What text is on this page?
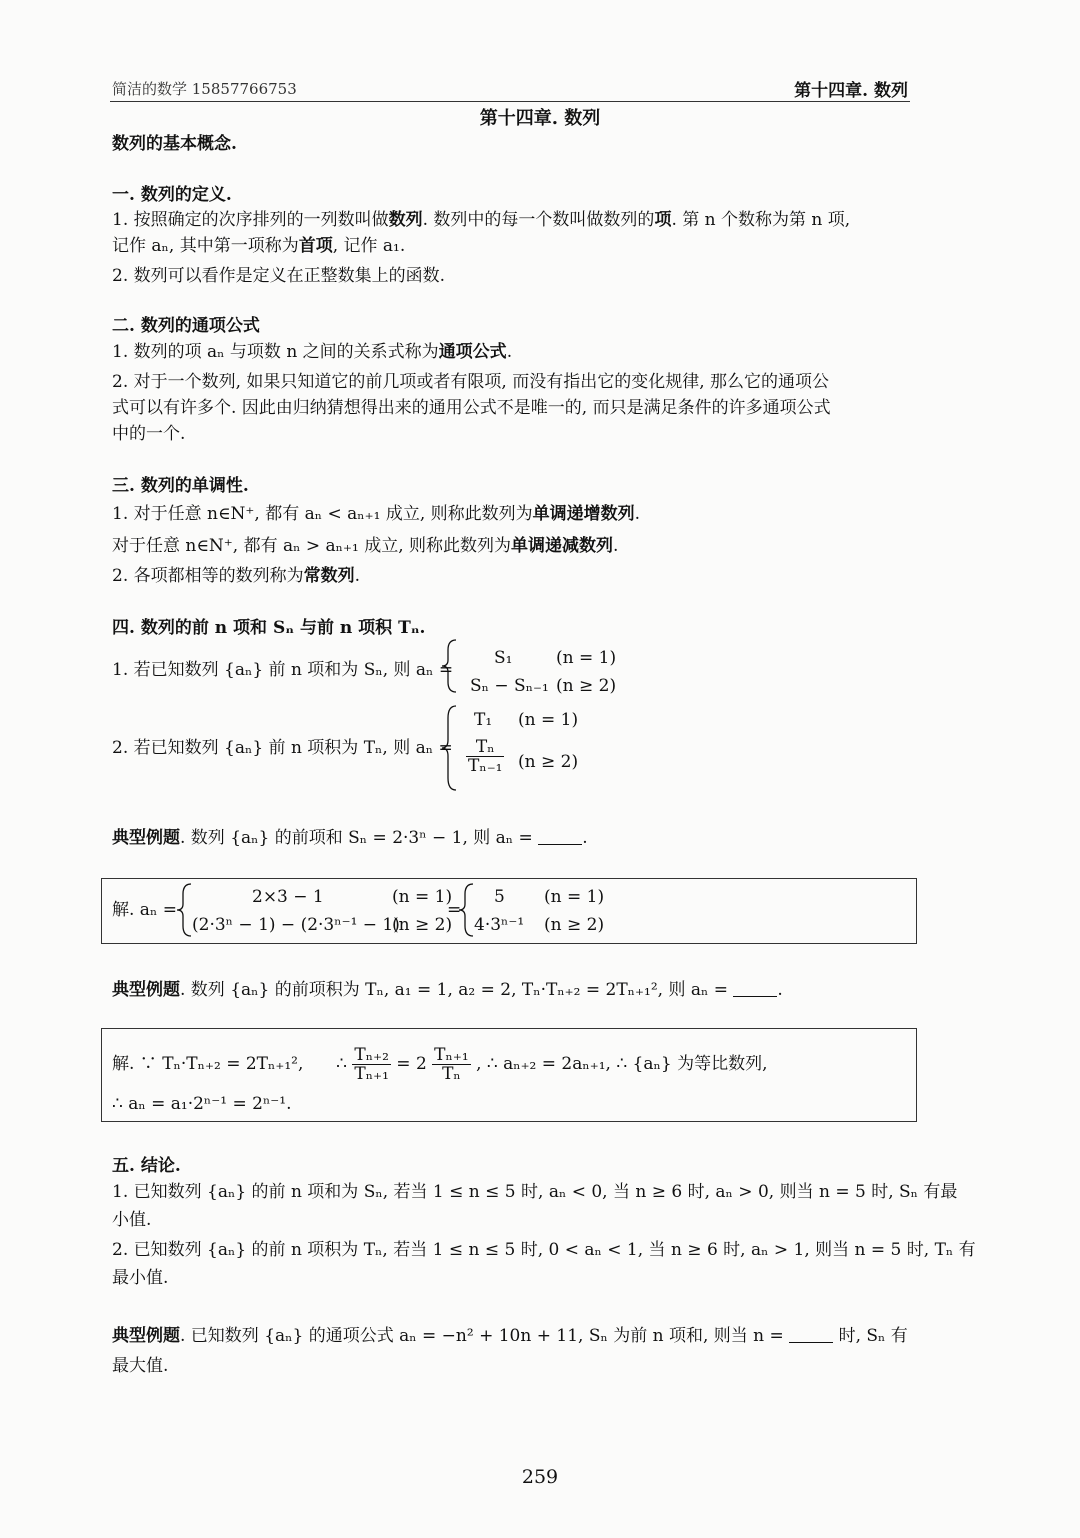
简洁的数学 15857766753	第十四章. 数列
第十四章. 数列
数列的基本概念.
一. 数列的定义.
1. 按照确定的次序排列的一列数叫做数列. 数列中的每一个数叫做数列的项. 第 n 个数称为第 n 项,
记作 aₙ, 其中第一项称为首项, 记作 a₁.
2. 数列可以看作是定义在正整数集上的函数.
二. 数列的通项公式
1. 数列的项 aₙ 与项数 n 之间的关系式称为通项公式.
2. 对于一个数列, 如果只知道它的前几项或者有限项, 而没有指出它的变化规律, 那么它的通项公
式可以有许多个. 因此由归纳猜想得出来的通用公式不是唯一的, 而只是满足条件的许多通项公式
中的一个.
三. 数列的单调性.
1. 对于任意 n∈N⁺, 都有 aₙ < aₙ₊₁ 成立, 则称此数列为单调递增数列.
对于任意 n∈N⁺, 都有 aₙ > aₙ₊₁ 成立, 则称此数列为单调递减数列.
2. 各项都相等的数列称为常数列.
四. 数列的前 n 项和 Sₙ 与前 n 项积 Tₙ.
1. 若已知数列 {aₙ} 前 n 项和为 Sₙ, 则 aₙ =
S₁	(n = 1)
Sₙ − Sₙ₋₁ (n ≥ 2)
2. 若已知数列 {aₙ} 前 n 项积为 Tₙ, 则 aₙ =
T₁ (n = 1)
$\frac{\text{Tₙ}}{\text{Tₙ₋₁}} (n \ge 2)$
典型例题. 数列 {aₙ} 的前项和 Sₙ = 2·3ⁿ − 1, 则 aₙ =	.
解. aₙ =
2×3 − 1	(n = 1)
(2·3ⁿ − 1) − (2·3ⁿ⁻¹ − 1)
(n ≥ 2)
=
5 (n = 1)
4·3ⁿ⁻¹ (n ≥ 2)
典型例题. 数列 {aₙ} 的前项积为 Tₙ, a₁ = 1, a₂ = 2, Tₙ·Tₙ₊₂ = 2Tₙ₊₁², 则 aₙ =	.
解. ∵ Tₙ·Tₙ₊₂ = 2Tₙ₊₁², ∴ $\frac{\text{Tₙ₊₂}}{\text{Tₙ₊₁}} = 2 \frac{\text{Tₙ₊₁}}{\text{Tₙ}}$ , ∴ aₙ₊₂ = 2aₙ₊₁, ∴ {aₙ} 为等比数列,
∴ aₙ = a₁·2ⁿ⁻¹ = 2ⁿ⁻¹.
五. 结论.
1. 已知数列 {aₙ} 的前 n 项和为 Sₙ, 若当 1 ≤ n ≤ 5 时, aₙ < 0, 当 n ≥ 6 时, aₙ > 0, 则当 n = 5 时, Sₙ 有最
小值.
2. 已知数列 {aₙ} 的前 n 项积为 Tₙ, 若当 1 ≤ n ≤ 5 时, 0 < aₙ < 1, 当 n ≥ 6 时, aₙ > 1, 则当 n = 5 时, Tₙ 有
最小值.
典型例题. 已知数列 {aₙ} 的通项公式 aₙ = −n² + 10n + 11, Sₙ 为前 n 项和, 则当 n =	时, Sₙ 有
最大值.
259
